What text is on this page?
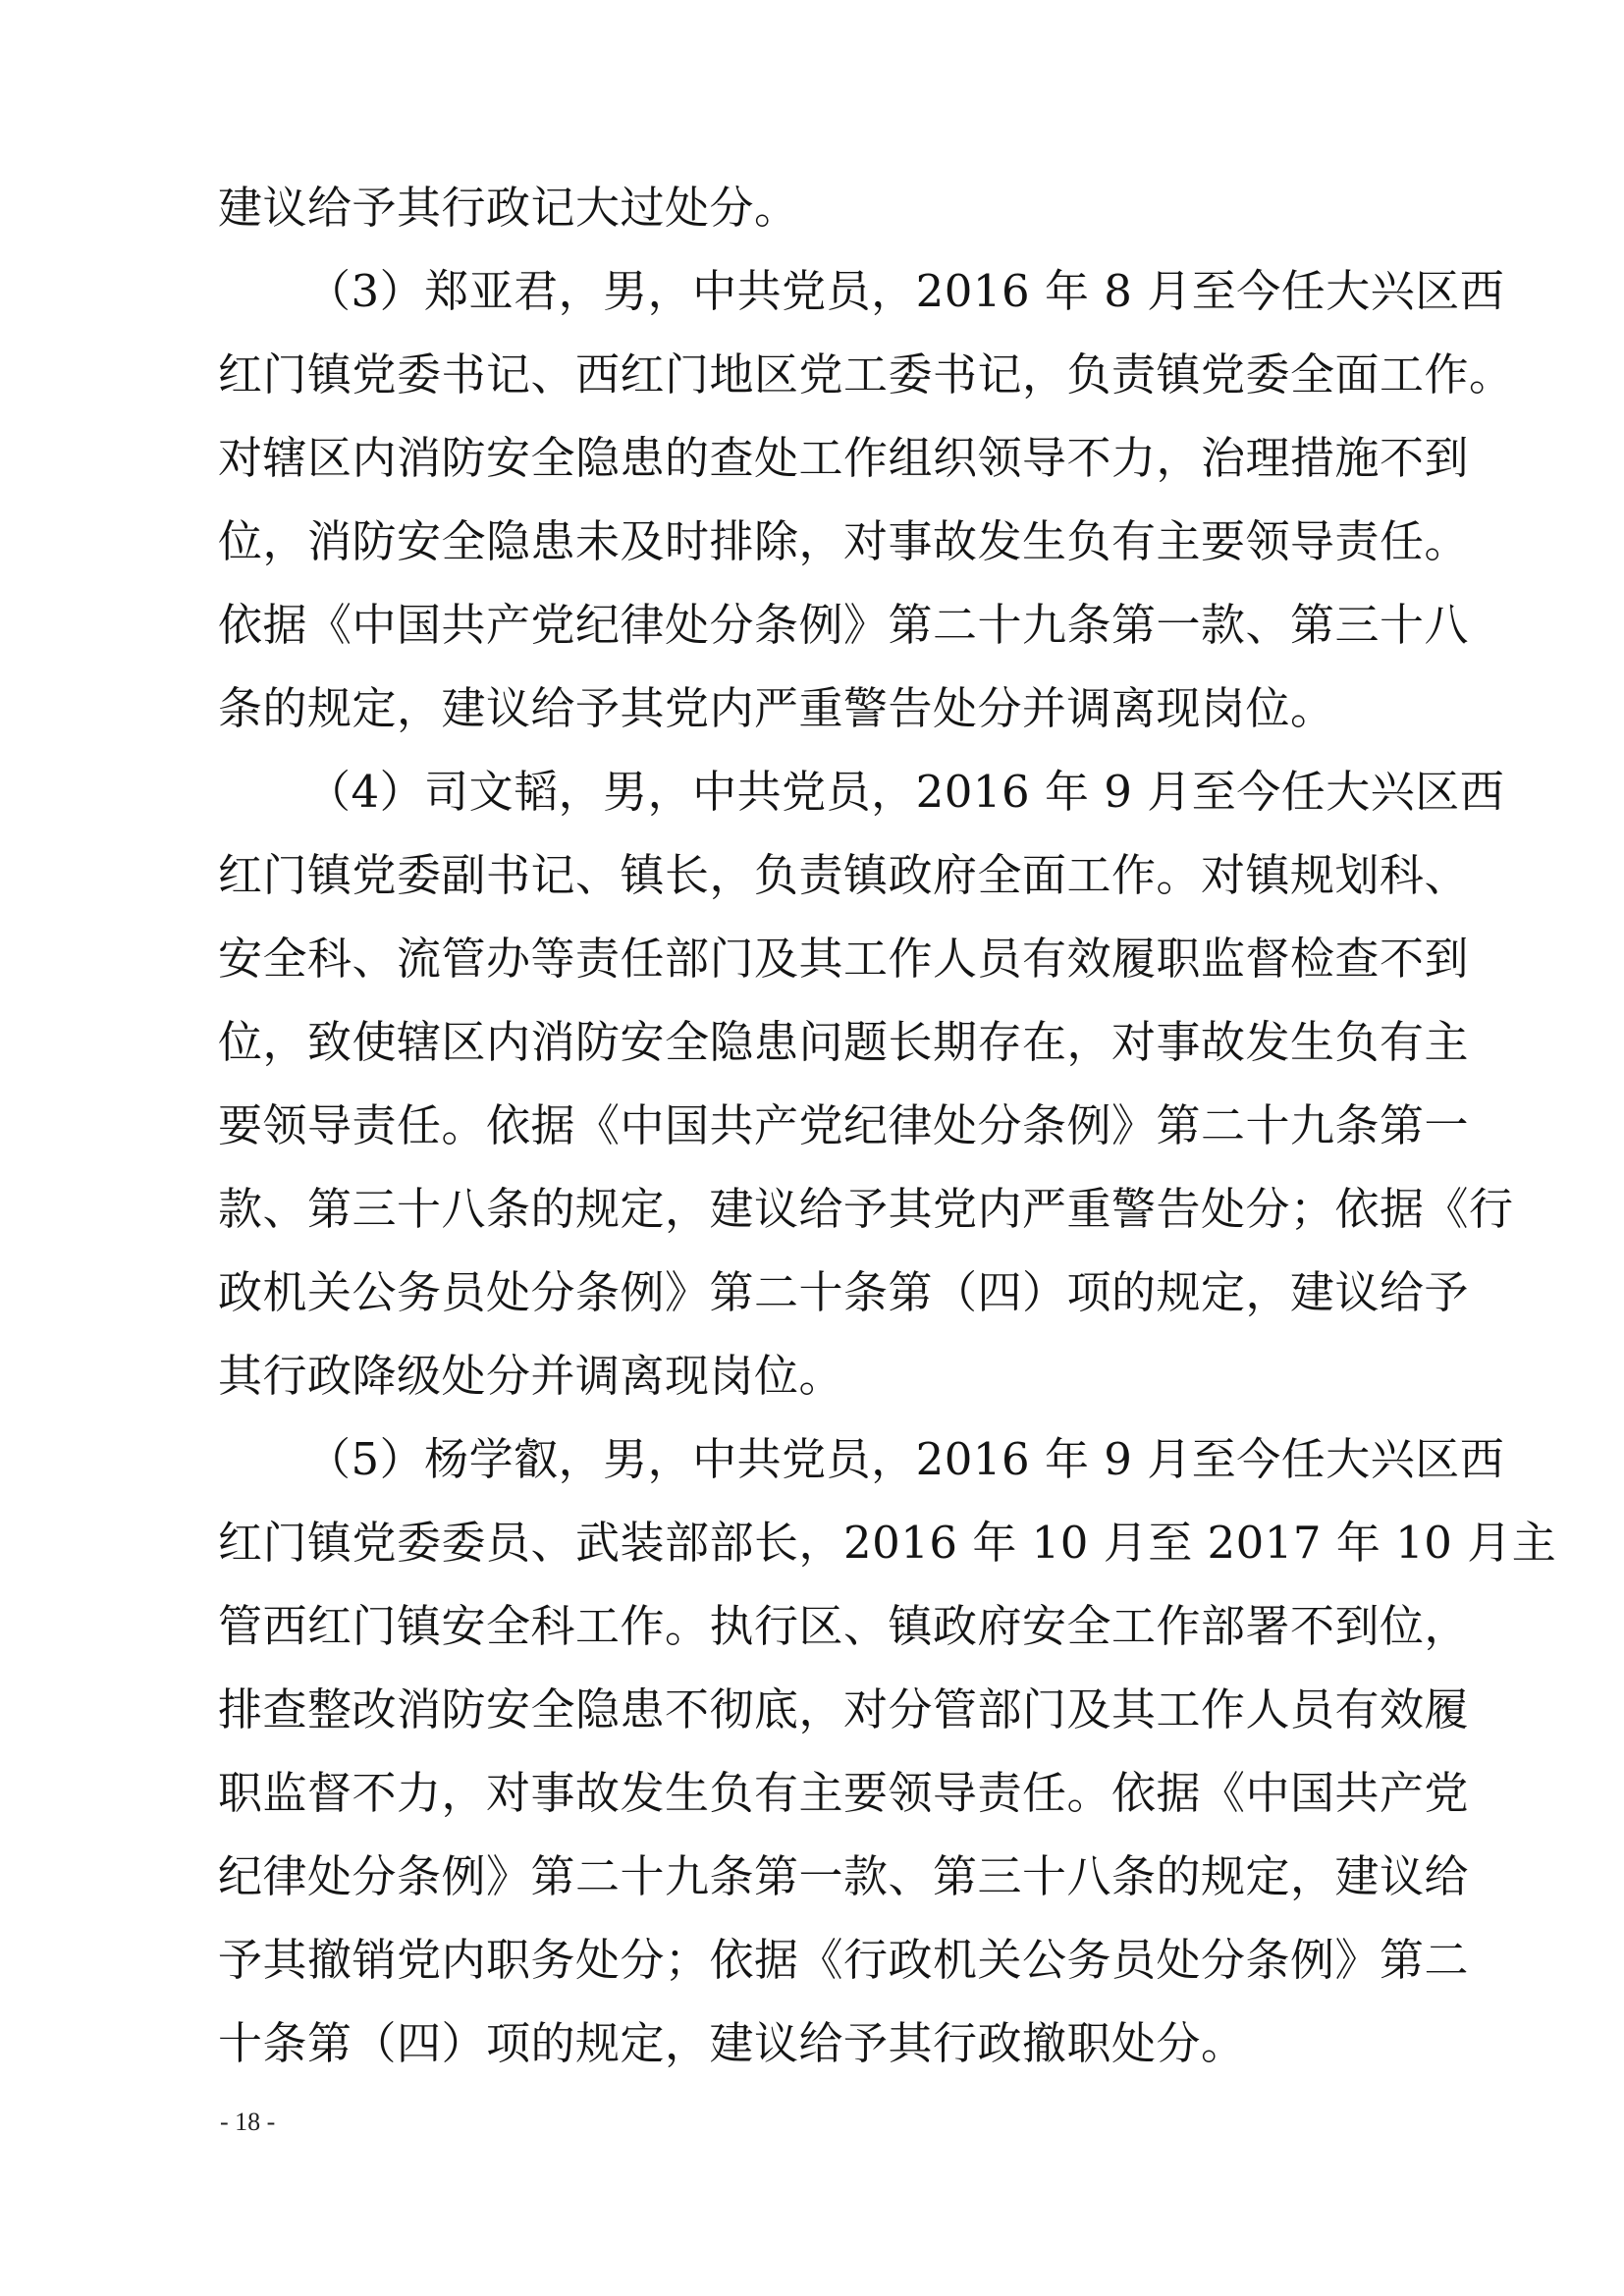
建议给予其行政记大过处分。
（3）郑亚君，男，中共党员，2016 年 8 月至今任大兴区西
红门镇党委书记、西红门地区党工委书记，负责镇党委全面工作。
对辖区内消防安全隐患的查处工作组织领导不力，治理措施不到
位，消防安全隐患未及时排除，对事故发生负有主要领导责任。
依据《中国共产党纪律处分条例》第二十九条第一款、第三十八
条的规定，建议给予其党内严重警告处分并调离现岗位。
（4）司文韬，男，中共党员，2016 年 9 月至今任大兴区西
红门镇党委副书记、镇长，负责镇政府全面工作。对镇规划科、
安全科、流管办等责任部门及其工作人员有效履职监督检查不到
位，致使辖区内消防安全隐患问题长期存在，对事故发生负有主
要领导责任。依据《中国共产党纪律处分条例》第二十九条第一
款、第三十八条的规定，建议给予其党内严重警告处分；依据《行
政机关公务员处分条例》第二十条第（四）项的规定，建议给予
其行政降级处分并调离现岗位。
（5）杨学叡，男，中共党员，2016 年 9 月至今任大兴区西
红门镇党委委员、武装部部长，2016 年 10 月至 2017 年 10 月主
管西红门镇安全科工作。执行区、镇政府安全工作部署不到位，
排查整改消防安全隐患不彻底，对分管部门及其工作人员有效履
职监督不力，对事故发生负有主要领导责任。依据《中国共产党
纪律处分条例》第二十九条第一款、第三十八条的规定，建议给
予其撤销党内职务处分；依据《行政机关公务员处分条例》第二
十条第（四）项的规定，建议给予其行政撤职处分。
- 18 -
